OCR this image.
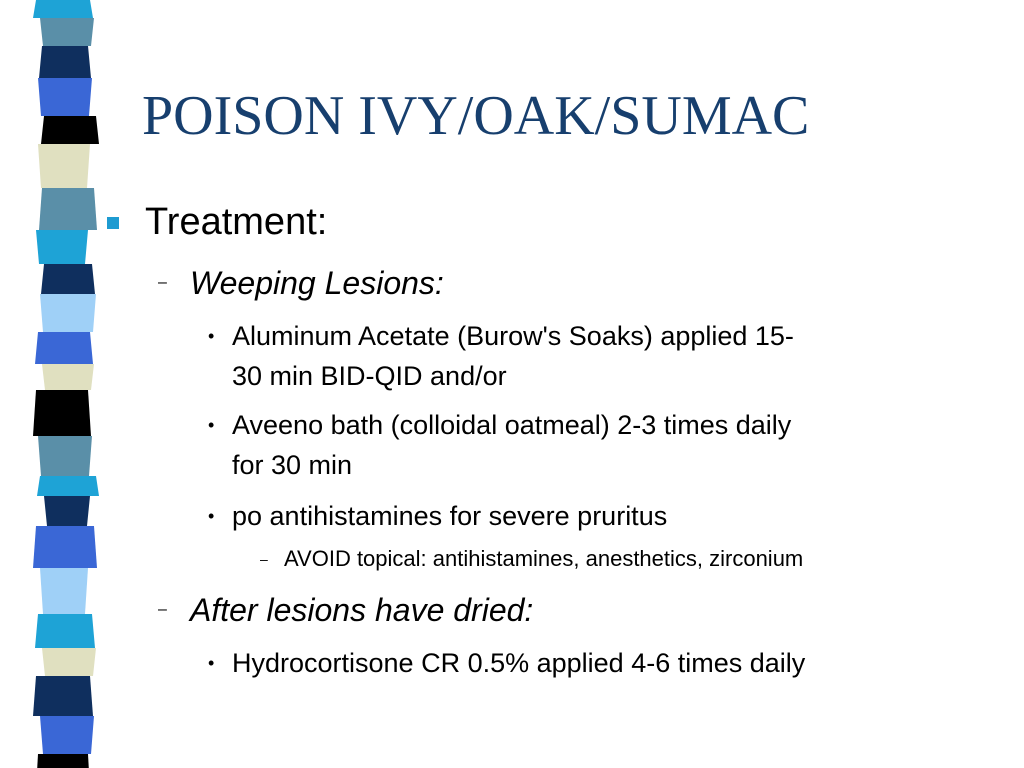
POISON IVY/OAK/SUMAC
Treatment:
– Weeping Lesions:
• Aluminum Acetate (Burow's Soaks) applied 15-
30 min BID-QID and/or
• Aveeno bath (colloidal oatmeal) 2-3 times daily
for 30 min
• po antihistamines for severe pruritus
– AVOID topical: antihistamines, anesthetics, zirconium
– After lesions have dried:
• Hydrocortisone CR 0.5% applied 4-6 times daily
